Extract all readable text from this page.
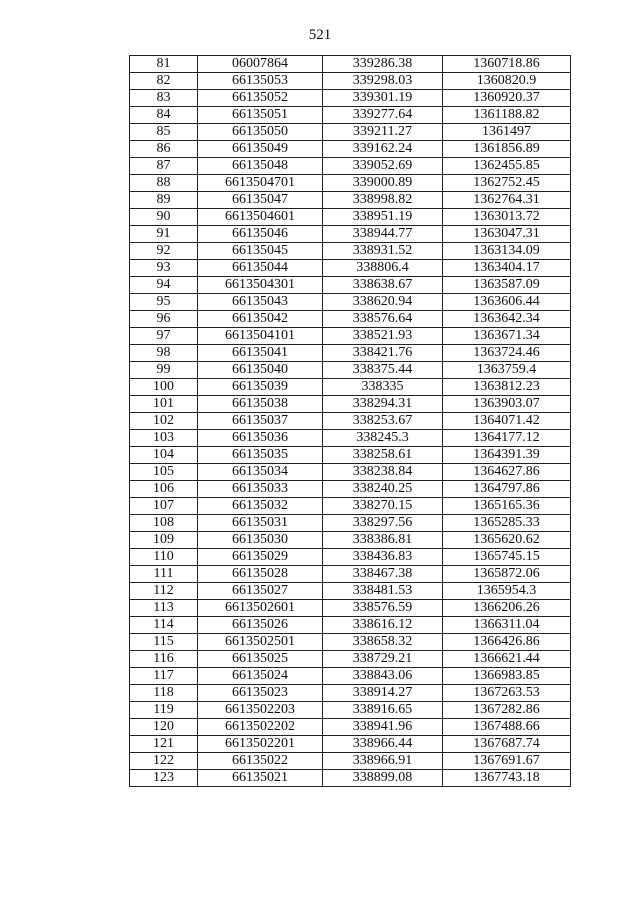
521
81	06007864	339286.38	1360718.86
82	66135053	339298.03	1360820.9
83	66135052	339301.19	1360920.37
84	66135051	339277.64	1361188.82
85	66135050	339211.27	1361497
86	66135049	339162.24	1361856.89
87	66135048	339052.69	1362455.85
88	6613504701	339000.89	1362752.45
89	66135047	338998.82	1362764.31
90	6613504601	338951.19	1363013.72
91	66135046	338944.77	1363047.31
92	66135045	338931.52	1363134.09
93	66135044	338806.4	1363404.17
94	6613504301	338638.67	1363587.09
95	66135043	338620.94	1363606.44
96	66135042	338576.64	1363642.34
97	6613504101	338521.93	1363671.34
98	66135041	338421.76	1363724.46
99	66135040	338375.44	1363759.4
100	66135039	338335	1363812.23
101	66135038	338294.31	1363903.07
102	66135037	338253.67	1364071.42
103	66135036	338245.3	1364177.12
104	66135035	338258.61	1364391.39
105	66135034	338238.84	1364627.86
106	66135033	338240.25	1364797.86
107	66135032	338270.15	1365165.36
108	66135031	338297.56	1365285.33
109	66135030	338386.81	1365620.62
110	66135029	338436.83	1365745.15
111	66135028	338467.38	1365872.06
112	66135027	338481.53	1365954.3
113	6613502601	338576.59	1366206.26
114	66135026	338616.12	1366311.04
115	6613502501	338658.32	1366426.86
116	66135025	338729.21	1366621.44
117	66135024	338843.06	1366983.85
118	66135023	338914.27	1367263.53
119	6613502203	338916.65	1367282.86
120	6613502202	338941.96	1367488.66
121	6613502201	338966.44	1367687.74
122	66135022	338966.91	1367691.67
123	66135021	338899.08	1367743.18
